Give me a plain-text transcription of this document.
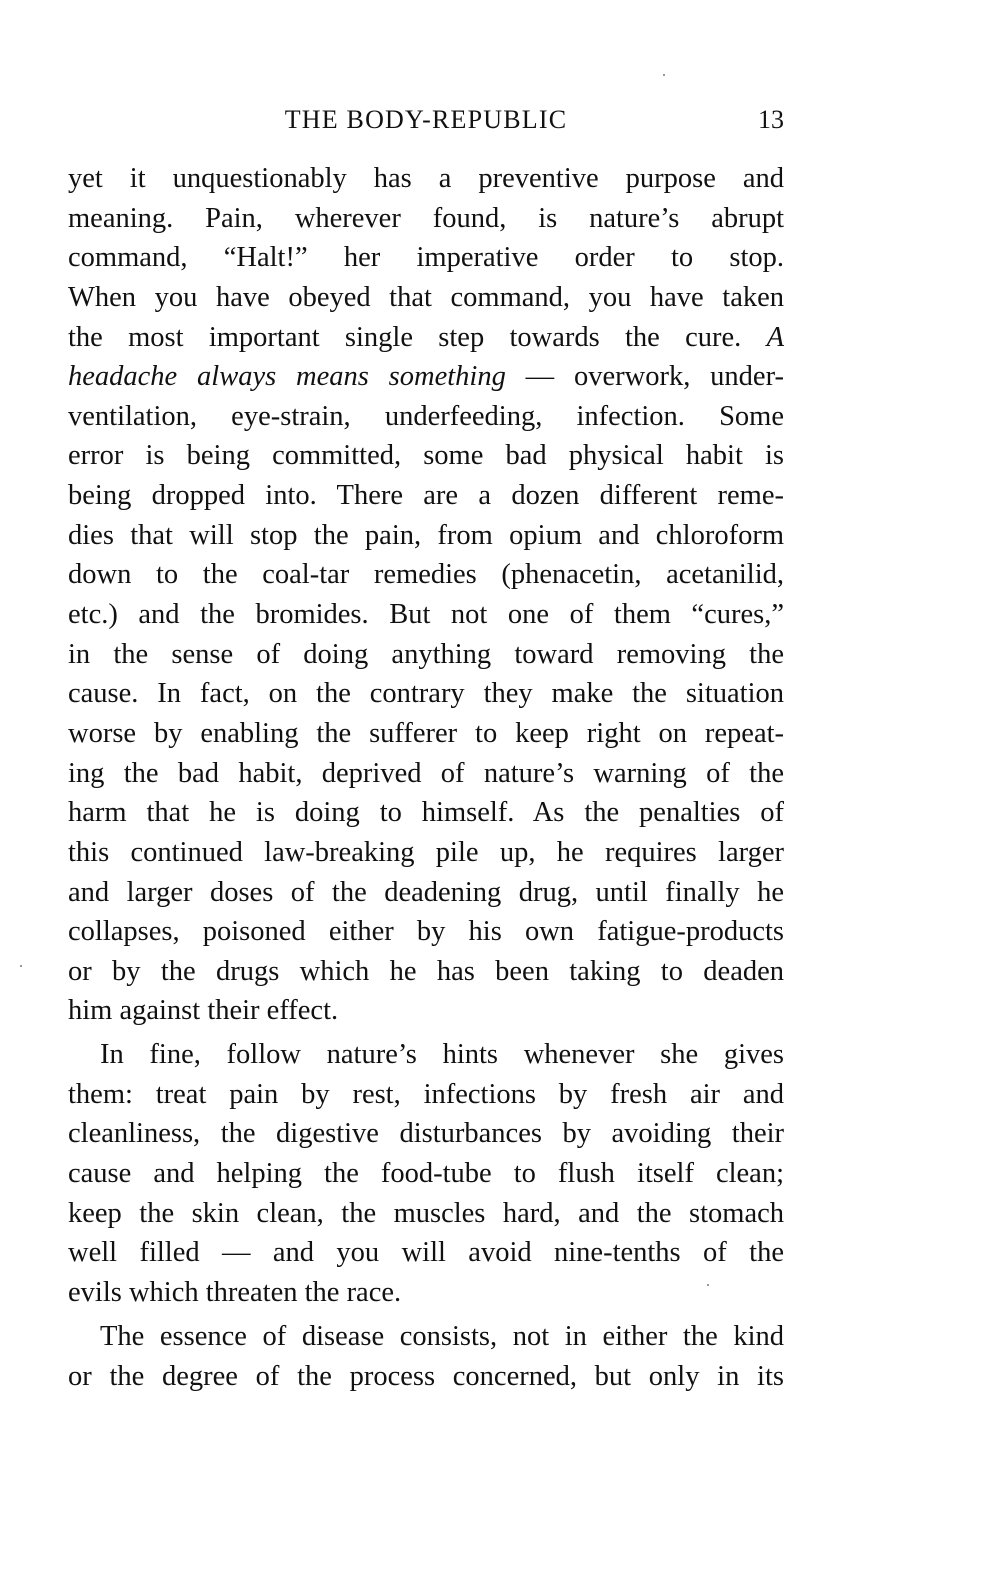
THE BODY-REPUBLIC	13
yet it unquestionably has a preventive purpose and
meaning. Pain, wherever found, is nature’s abrupt
command, “Halt!” her imperative order to stop.
When you have obeyed that command, you have taken
the most important single step towards the cure. A
headache always means something — overwork, under-
ventilation, eye-strain, underfeeding, infection. Some
error is being committed, some bad physical habit is
being dropped into. There are a dozen different reme-
dies that will stop the pain, from opium and chloroform
down to the coal-tar remedies (phenacetin, acetanilid,
etc.) and the bromides. But not one of them “cures,”
in the sense of doing anything toward removing the
cause. In fact, on the contrary they make the situation
worse by enabling the sufferer to keep right on repeat-
ing the bad habit, deprived of nature’s warning of the
harm that he is doing to himself. As the penalties of
this continued law-breaking pile up, he requires larger
and larger doses of the deadening drug, until finally he
collapses, poisoned either by his own fatigue-products
or by the drugs which he has been taking to deaden
him against their effect.
In fine, follow nature’s hints whenever she gives
them: treat pain by rest, infections by fresh air and
cleanliness, the digestive disturbances by avoiding their
cause and helping the food-tube to flush itself clean;
keep the skin clean, the muscles hard, and the stomach
well filled — and you will avoid nine-tenths of the
evils which threaten the race.
The essence of disease consists, not in either the kind
or the degree of the process concerned, but only in its
